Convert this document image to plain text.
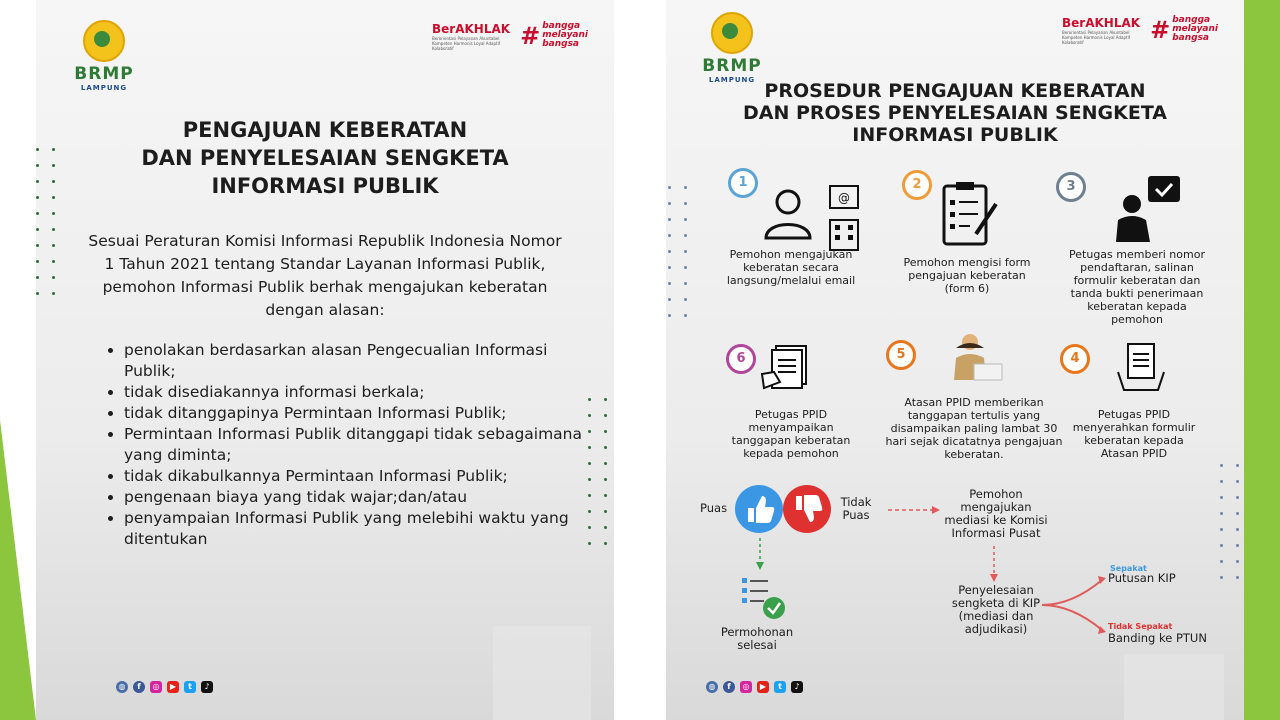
BRMP
LAMPUNG
BerAKHLAK
Berorientasi Pelayanan Akuntabel Kompeten Harmonis Loyal Adaptif Kolaboratif	# bangga
melayani
bangsa
PENGAJUAN KEBERATAN
DAN PENYELESAIAN SENGKETA
INFORMASI PUBLIK
Sesuai Peraturan Komisi Informasi Republik Indonesia Nomor 1 Tahun 2021 tentang Standar Layanan Informasi Publik, pemohon Informasi Publik berhak mengajukan keberatan dengan alasan:
• penolakan berdasarkan alasan Pengecualian Informasi Publik;
• tidak disediakannya informasi berkala;
• tidak ditanggapinya Permintaan Informasi Publik;
• Permintaan Informasi Publik ditanggapi tidak sebagaimana yang diminta;
• tidak dikabulkannya Permintaan Informasi Publik;
• pengenaan biaya yang tidak wajar;dan/atau
• penyampaian Informasi Publik yang melebihi waktu yang ditentukan
◍	f	◎	▶	t	♪
BRMP
LAMPUNG
BerAKHLAK
Berorientasi Pelayanan Akuntabel Kompeten Harmonis Loyal Adaptif Kolaboratif	# bangga
melayani
bangsa
PROSEDUR PENGAJUAN KEBERATAN
DAN PROSES PENYELESAIAN SENGKETA
INFORMASI PUBLIK
1
@
Pemohon mengajukan keberatan secara langsung/melalui email
2
Pemohon mengisi form pengajuan keberatan (form 6)
3
Petugas memberi nomor pendaftaran, salinan formulir keberatan dan tanda bukti penerimaan keberatan kepada pemohon
6
Petugas PPID menyampaikan tanggapan keberatan kepada pemohon
5
Atasan PPID memberikan tanggapan tertulis yang disampaikan paling lambat 30 hari sejak dicatatnya pengajuan keberatan.
4
Petugas PPID menyerahkan formulir keberatan kepada Atasan PPID
Puas	Tidak Puas
Pemohon mengajukan mediasi ke Komisi Informasi Pusat
Permohonan selesai
Penyelesaian sengketa di KIP (mediasi dan adjudikasi)
Sepakat
Putusan KIP
Tidak Sepakat
Banding ke PTUN
◍	f	◎	▶	t	♪
